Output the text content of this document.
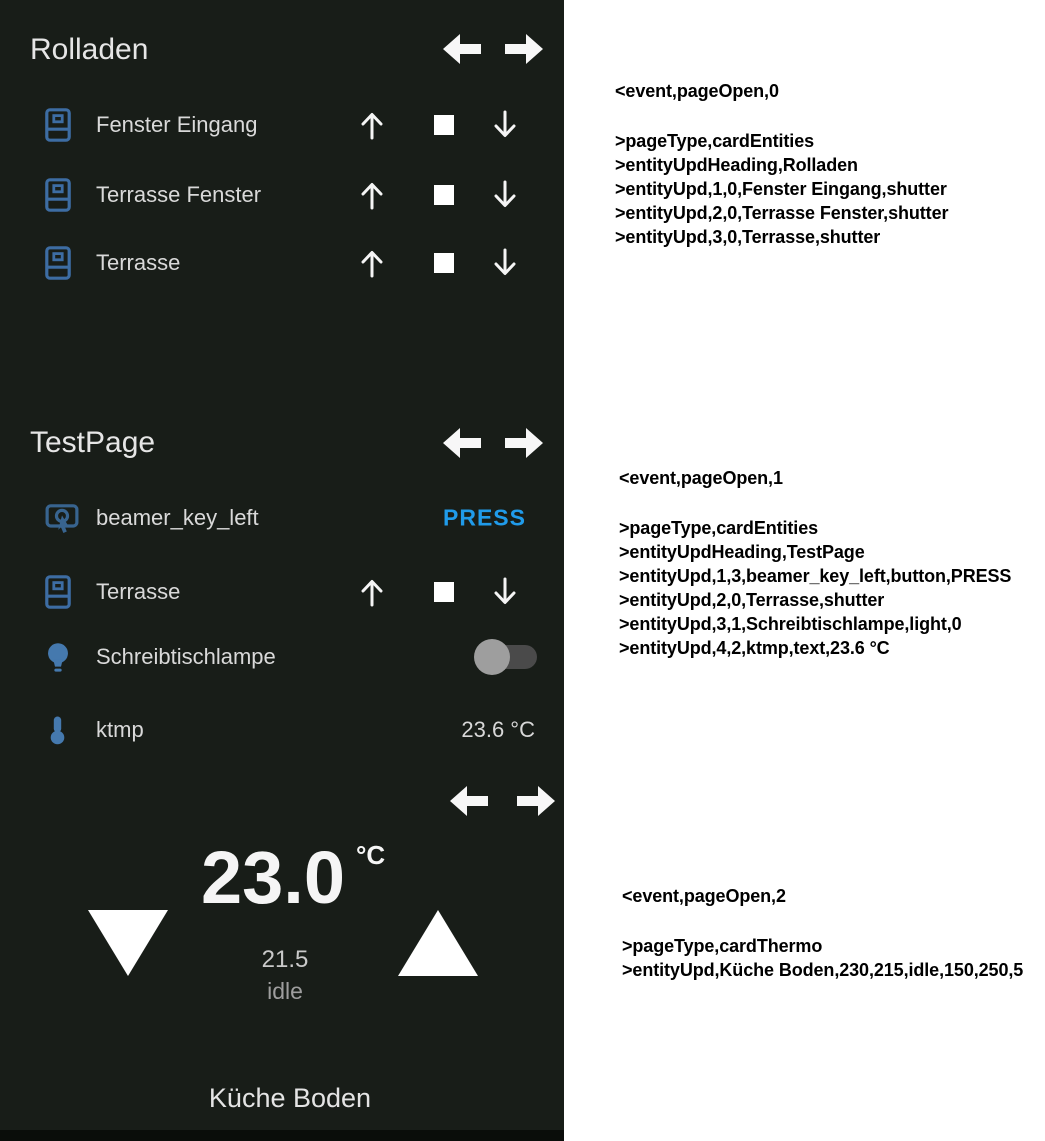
Rolladen
Fenster Eingang
Terrasse Fenster
Terrasse
TestPage
beamer_key_left	PRESS
Terrasse
Schreibtischlampe
ktmp	23.6 °C
23.0 °C
21.5
idle
Küche Boden
<event,pageOpen,0
>pageType,cardEntities
>entityUpdHeading,Rolladen
>entityUpd,1,0,Fenster Eingang,shutter
>entityUpd,2,0,Terrasse Fenster,shutter
>entityUpd,3,0,Terrasse,shutter
<event,pageOpen,1
>pageType,cardEntities
>entityUpdHeading,TestPage
>entityUpd,1,3,beamer_key_left,button,PRESS
>entityUpd,2,0,Terrasse,shutter
>entityUpd,3,1,Schreibtischlampe,light,0
>entityUpd,4,2,ktmp,text,23.6 °C
<event,pageOpen,2
>pageType,cardThermo
>entityUpd,Küche Boden,230,215,idle,150,250,5
